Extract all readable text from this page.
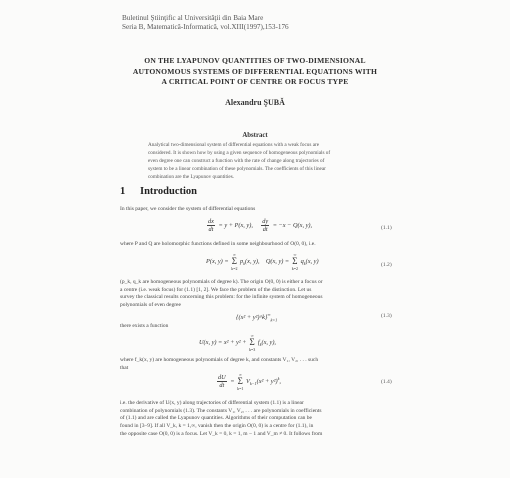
Buletinul Ştiinţific al Universităţii din Baia Mare
Seria B, Matematică-Informatică, vol.XIII(1997),153-176
ON THE LYAPUNOV QUANTITIES OF TWO-DIMENSIONAL
AUTONOMOUS SYSTEMS OF DIFFERENTIAL EQUATIONS WITH
A CRITICAL POINT OF CENTRE OR FOCUS TYPE
Alexandru ŞUBĂ
Abstract
Analytical two-dimensional system of differential equations with a weak focus are
considered. It is shown how by using a given sequence of homogeneous polynomials of
even degree one can construct a function with the rate of change along trajectories of
system to be a linear combination of these polynomials. The coefficients of this linear
combination are the Lyapunov quantities.
1 Introduction
In this paper, we consider the system of differential equations
$\frac{dx}{dt} = y + P(x$, y), $\frac{dy}{dt} = -x - Q(x$, y),	(1.1)
where P and Q are holomorphic functions defined in some neighbourhood of O(0, 0), i.e.
P(x, y) =
∞
Σ
k=2
$p_k(x$, y), Q(x, y) =
∞
Σ
k=2
$q_k(x$, y)
(1.2)
(p_k, q_k are homogeneous polynomials of degree k). The origin O(0, 0) is either a focus or
a centre (i.e. weak focus) for (1.1) [1, 2]. We face the problem of the distinction. Let us
survey the classical results concerning this problem: for the infinite system of homogeneous
polynomials of even degree
$\{(x^2 + y^2)\^{}k\}^\infty_{k=1}$
(1.3)
there exists a function
U(x, y) = x² + y² +
∞
Σ
k=3
$f_k(x$, y),
where f_k(x, y) are homogeneous polynomials of degree k, and constants V₁, V₂, . . . such
that
$\frac{dU}{dt}$ =
∞
Σ
k=1
$V_{k-1}(x^2 + y^2)^k$,	(1.4)
i.e. the derivative of U(x, y) along trajectories of differential system (1.1) is a linear
combination of polynomials (1.3). The constants V₁, V₂, . . . are polynomials in coefficients
of (1.1) and are called the Lyapunov quantities. Algorithms of their computation can be
found in [3–9]. If all V_k, k = 1,∞, vanish then the origin O(0, 0) is a centre for (1.1), in
the opposite case O(0, 0) is a focus. Let V_k = 0, k = 1, m − 1 and V_m ≠ 0. It follows from
